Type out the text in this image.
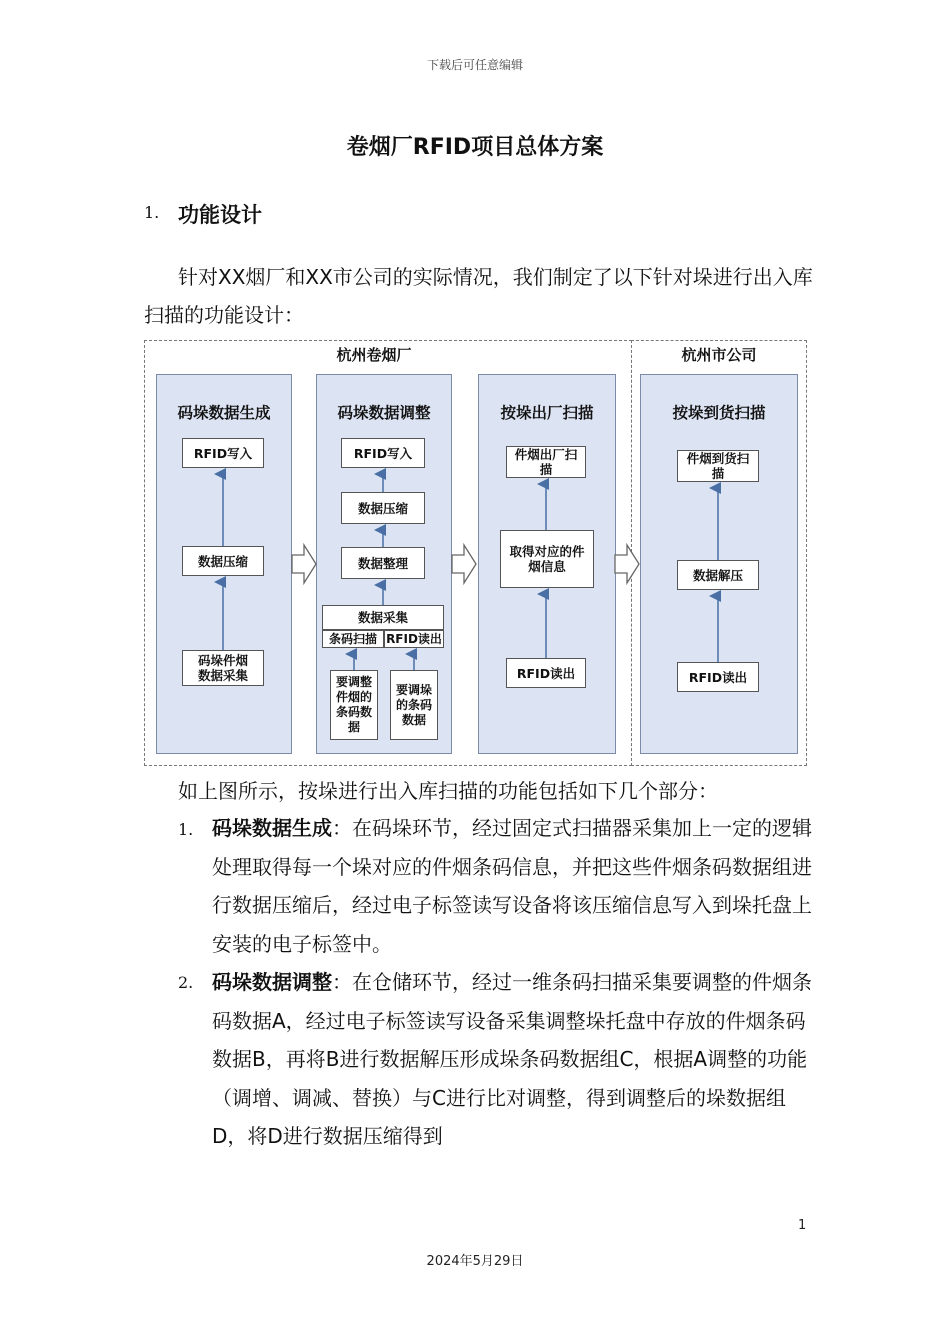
下载后可任意编辑
卷烟厂RFID项目总体方案
1. 功能设计
针对XX烟厂和XX市公司的实际情况，我们制定了以下针对垛进行出入库扫描的功能设计：
杭州卷烟厂	杭州市公司
码垛数据生成
RFID写入
数据压缩
码垛件烟数据采集
码垛数据调整
RFID写入
数据压缩
数据整理
数据采集
条码扫描 RFID读出
要调整件烟的条码数据
要调垛的条码数据
按垛出厂扫描
件烟出厂扫描
取得对应的件烟信息
RFID读出
按垛到货扫描
件烟到货扫描
数据解压
RFID读出
如上图所示，按垛进行出入库扫描的功能包括如下几个部分：
1. 码垛数据生成：在码垛环节，经过固定式扫描器采集加上一定的逻辑处理取得每一个垛对应的件烟条码信息，并把这些件烟条码数据组进行数据压缩后，经过电子标签读写设备将该压缩信息写入到垛托盘上安装的电子标签中。
2. 码垛数据调整：在仓储环节，经过一维条码扫描采集要调整的件烟条码数据A，经过电子标签读写设备采集调整垛托盘中存放的件烟条码数据B，再将B进行数据解压形成垛条码数据组C，根据A调整的功能（调增、调减、替换）与C进行比对调整，得到调整后的垛数据组D，将D进行数据压缩得到
1
2024年5月29日
